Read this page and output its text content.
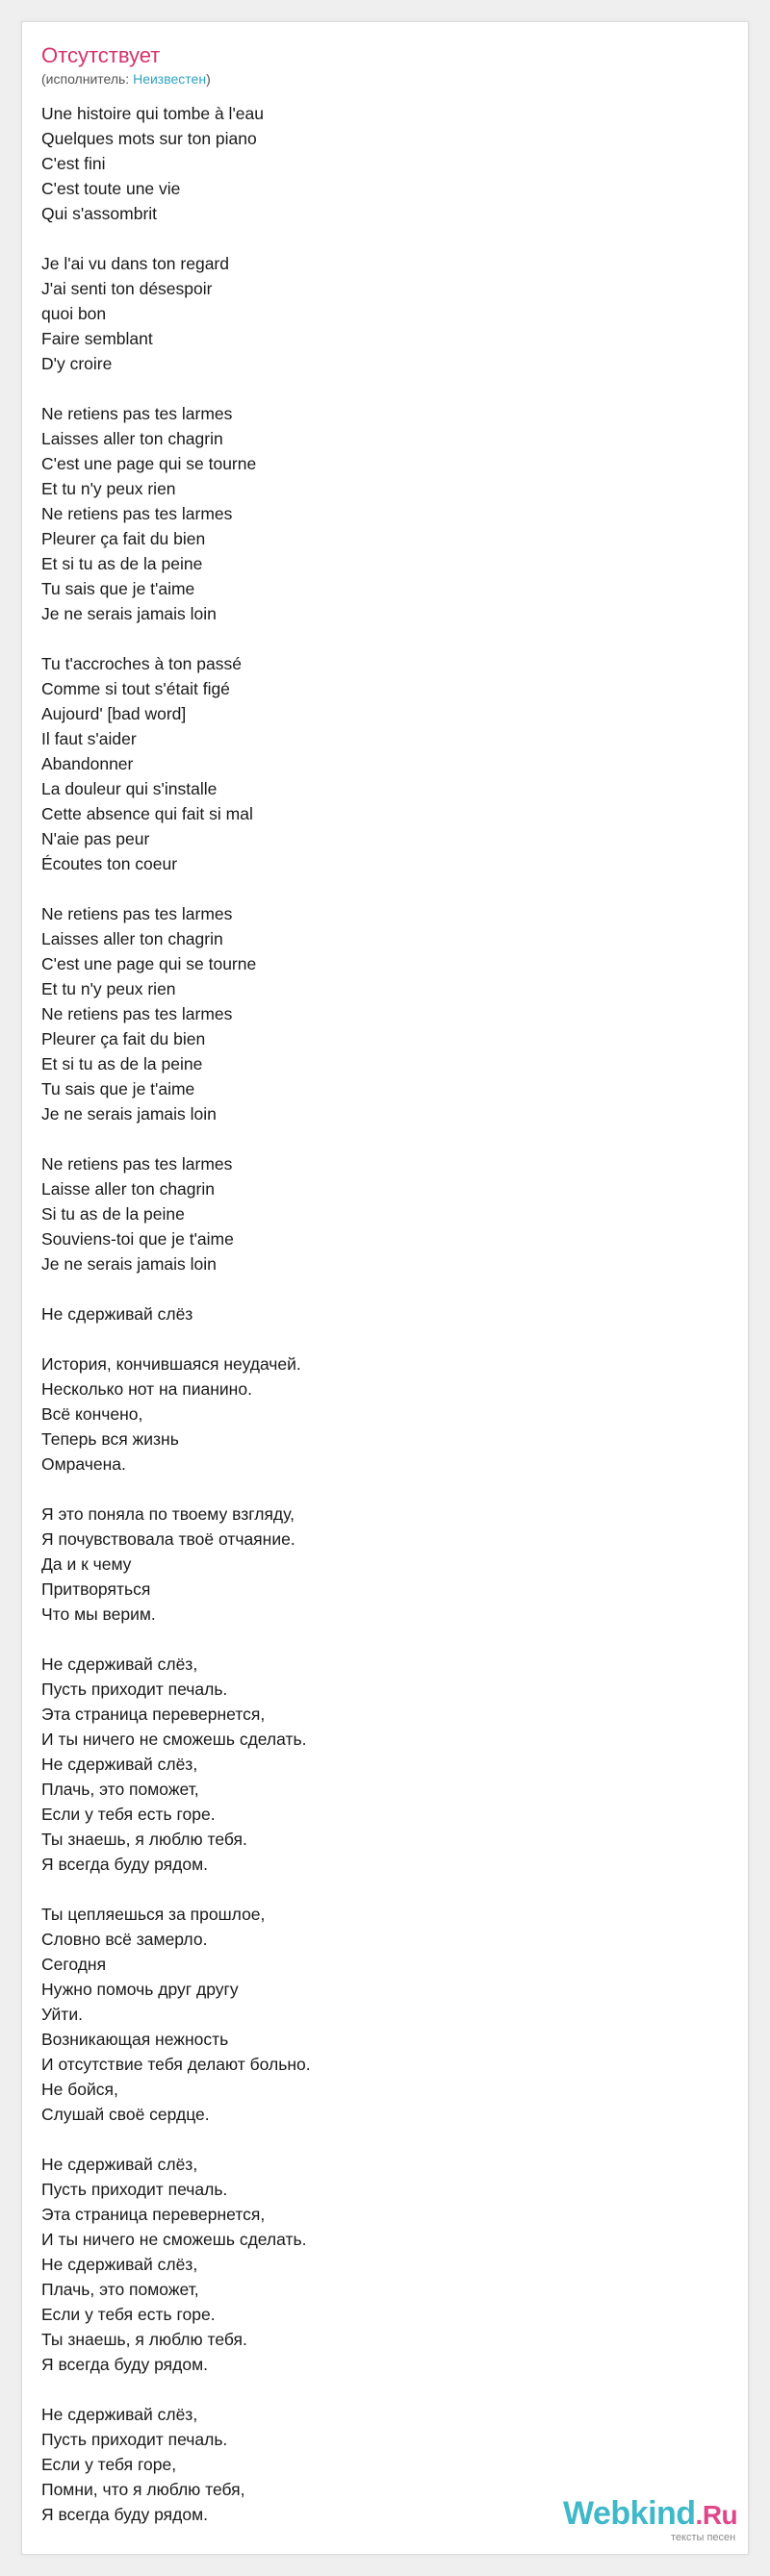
Отсутствует
(исполнитель: Неизвестен)
Une histoire qui tombe à l'eau
Quelques mots sur ton piano
C'est fini
C'est toute une vie
Qui s'assombrit
Je l'ai vu dans ton regard
J'ai senti ton désespoir
quoi bon
Faire semblant
D'y croire
Ne retiens pas tes larmes
Laisses aller ton chagrin
C'est une page qui se tourne
Et tu n'y peux rien
Ne retiens pas tes larmes
Pleurer ça fait du bien
Et si tu as de la peine
Tu sais que je t'aime
Je ne serais jamais loin
Tu t'accroches à ton passé
Comme si tout s'était figé
Aujourd' [bad word]
Il faut s'aider
Abandonner
La douleur qui s'installe
Cette absence qui fait si mal
N'aie pas peur
Écoutes ton coeur
Ne retiens pas tes larmes
Laisses aller ton chagrin
C'est une page qui se tourne
Et tu n'y peux rien
Ne retiens pas tes larmes
Pleurer ça fait du bien
Et si tu as de la peine
Tu sais que je t'aime
Je ne serais jamais loin
Ne retiens pas tes larmes
Laisse aller ton chagrin
Si tu as de la peine
Souviens-toi que je t'aime
Je ne serais jamais loin
Не сдерживай слёз
История, кончившаяся неудачей.
Несколько нот на пианино.
Всё кончено,
Теперь вся жизнь
Омрачена.
Я это поняла по твоему взгляду,
Я почувствовала твоё отчаяние.
Да и к чему
Притворяться
Что мы верим.
Не сдерживай слёз,
Пусть приходит печаль.
Эта страница перевернется,
И ты ничего не сможешь сделать.
Не сдерживай слёз,
Плачь, это поможет,
Если у тебя есть горе.
Ты знаешь, я люблю тебя.
Я всегда буду рядом.
Ты цепляешься за прошлое,
Словно всё замерло.
Сегодня
Нужно помочь друг другу
Уйти.
Возникающая нежность
И отсутствие тебя делают больно.
Не бойся,
Слушай своё сердце.
Не сдерживай слёз,
Пусть приходит печаль.
Эта страница перевернется,
И ты ничего не сможешь сделать.
Не сдерживай слёз,
Плачь, это поможет,
Если у тебя есть горе.
Ты знаешь, я люблю тебя.
Я всегда буду рядом.
Не сдерживай слёз,
Пусть приходит печаль.
Если у тебя горе,
Помни, что я люблю тебя,
Я всегда буду рядом.	Webkind.Ru
тексты песен
